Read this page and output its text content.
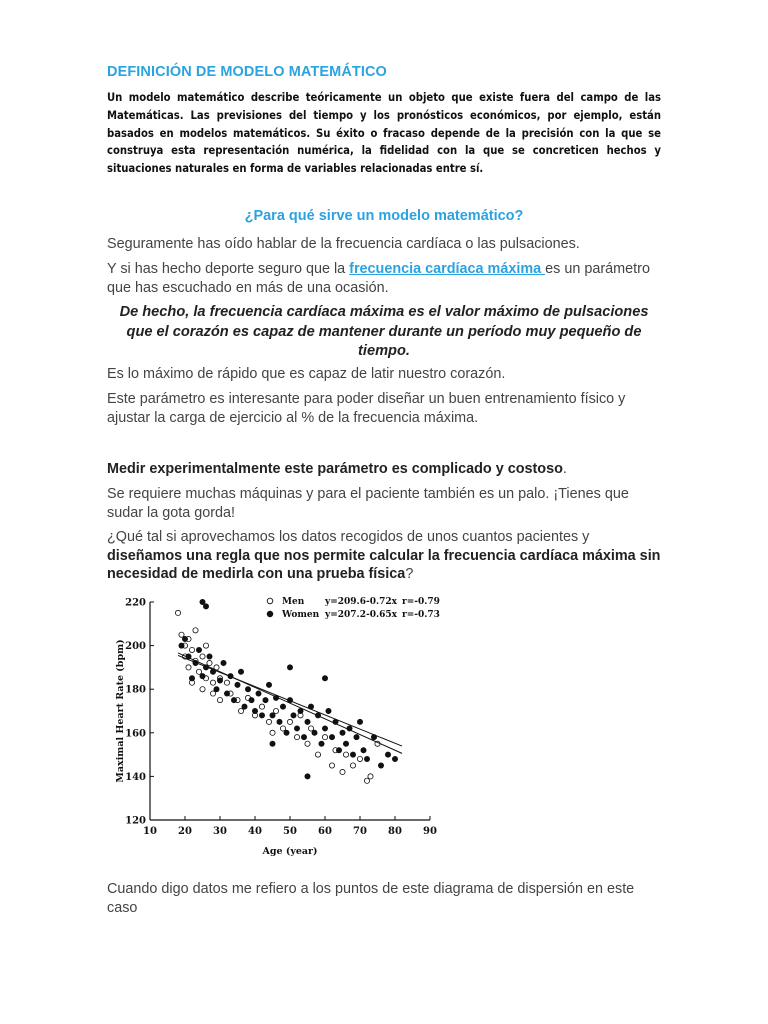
DEFINICIÓN DE MODELO MATEMÁTICO

Un modelo matemático describe teóricamente un objeto que existe fuera del campo de las Matemáticas. Las previsiones del tiempo y los pronósticos económicos, por ejemplo, están basados en modelos matemáticos. Su éxito o fracaso depende de la precisión con la que se construya esta representación numérica, la fidelidad con la que se concreticen hechos y situaciones naturales en forma de variables relacionadas entre sí.

¿Para qué sirve un modelo matemático?

Seguramente has oído hablar de la frecuencia cardíaca o las pulsaciones.

Y si has hecho deporte seguro que la frecuencia cardíaca máxima es un parámetro que has escuchado en más de una ocasión.

De hecho, la frecuencia cardíaca máxima es el valor máximo de pulsaciones que el corazón es capaz de mantener durante un período muy pequeño de tiempo.

Es lo máximo de rápido que es capaz de latir nuestro corazón.

Este parámetro es interesante para poder diseñar un buen entrenamiento físico y ajustar la carga de ejercicio al % de la frecuencia máxima.

Medir experimentalmente este parámetro es complicado y costoso.

Se requiere muchas máquinas y para el paciente también es un palo. ¡Tienes que sudar la gota gorda!

¿Qué tal si aprovechamos los datos recogidos de unos cuantos pacientes y diseñamos una regla que nos permite calcular la frecuencia cardíaca máxima sin necesidad de medirla con una prueba física?

10 20 30 40 50 60 70 80 90
120
140
160
180
200
220
Age (year)
Maximal Heart Rate (bpm)
Men y=209.6-0.72x r=-0.79
Women y=207.2-0.65x r=-0.73

Cuando digo datos me refiero a los puntos de este diagrama de dispersión en este caso
